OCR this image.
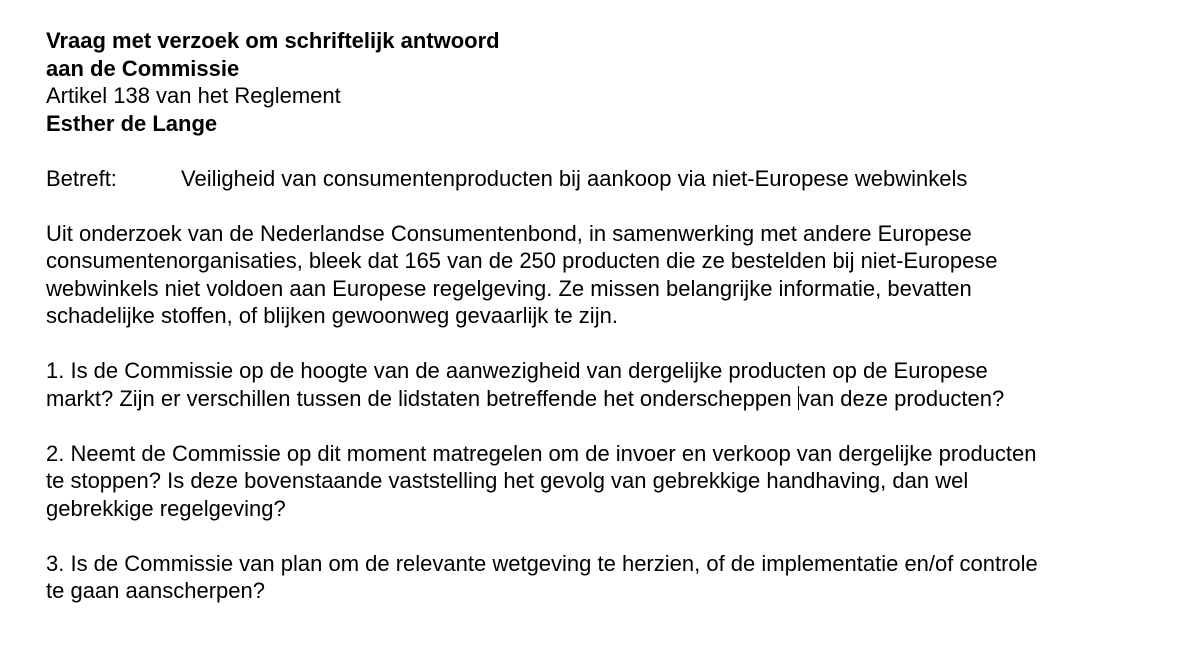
Vraag met verzoek om schriftelijk antwoord
aan de Commissie
Artikel 138 van het Reglement
Esther de Lange
Betreft:	Veiligheid van consumentenproducten bij aankoop via niet-Europese webwinkels
Uit onderzoek van de Nederlandse Consumentenbond, in samenwerking met andere Europese
consumentenorganisaties, bleek dat 165 van de 250 producten die ze bestelden bij niet-Europese
webwinkels niet voldoen aan Europese regelgeving. Ze missen belangrijke informatie, bevatten
schadelijke stoffen, of blijken gewoonweg gevaarlijk te zijn.
1. Is de Commissie op de hoogte van de aanwezigheid van dergelijke producten op de Europese
markt? Zijn er verschillen tussen de lidstaten betreffende het onderscheppen van deze producten?
2. Neemt de Commissie op dit moment matregelen om de invoer en verkoop van dergelijke producten
te stoppen? Is deze bovenstaande vaststelling het gevolg van gebrekkige handhaving, dan wel
gebrekkige regelgeving?
3. Is de Commissie van plan om de relevante wetgeving te herzien, of de implementatie en/of controle
te gaan aanscherpen?
